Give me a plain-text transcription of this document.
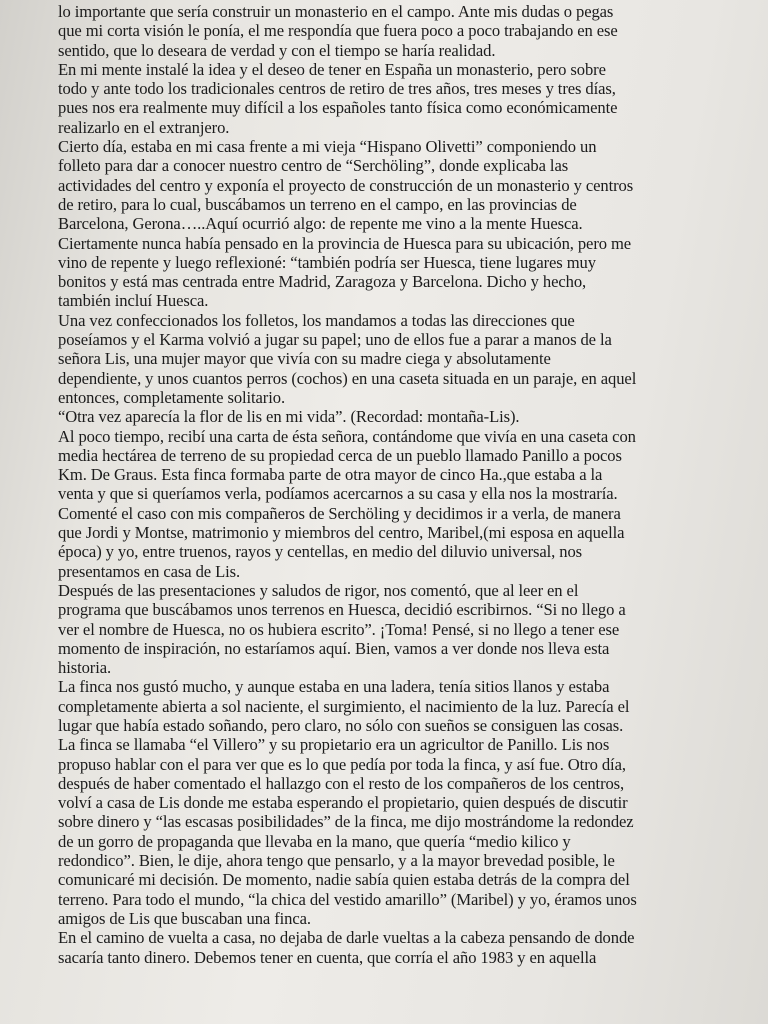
lo importante que sería construir un monasterio en el campo. Ante mis dudas o pegas
que mi corta visión le ponía, el me respondía que fuera poco a poco trabajando en ese
sentido, que lo deseara de verdad y con el tiempo se haría realidad.
En mi mente instalé la idea y el deseo de tener en España un monasterio, pero sobre
todo y ante todo los tradicionales centros de retiro de tres años, tres meses y tres días,
pues nos era realmente muy difícil a los españoles tanto física como económicamente
realizarlo en el extranjero.
Cierto día, estaba en mi casa frente a mi vieja “Hispano Olivetti” componiendo un
folleto para dar a conocer nuestro centro de “Serchöling”, donde explicaba las
actividades del centro y exponía el proyecto de construcción de un monasterio y centros
de retiro, para lo cual, buscábamos un terreno en el campo, en las provincias de
Barcelona, Gerona…..Aquí ocurrió algo: de repente me vino a la mente Huesca.
Ciertamente nunca había pensado en la provincia de Huesca para su ubicación, pero me
vino de repente y luego reflexioné: “también podría ser Huesca, tiene lugares muy
bonitos y está mas centrada entre Madrid, Zaragoza y Barcelona. Dicho y hecho,
también incluí Huesca.
Una vez confeccionados los folletos, los mandamos a todas las direcciones que
poseíamos y el Karma volvió a jugar su papel; uno de ellos fue a parar a manos de la
señora Lis, una mujer mayor que vivía con su madre ciega y absolutamente
dependiente, y unos cuantos perros (cochos) en una caseta situada en un paraje, en aquel
entonces, completamente solitario.
“Otra vez aparecía la flor de lis en mi vida”. (Recordad: montaña-Lis).
Al poco tiempo, recibí una carta de ésta señora, contándome que vivía en una caseta con
media hectárea de terreno de su propiedad cerca de un pueblo llamado Panillo a pocos
Km. De Graus. Esta finca formaba parte de otra mayor de cinco Ha.,que estaba a la
venta y que si queríamos verla, podíamos acercarnos a su casa y ella nos la mostraría.
Comenté el caso con mis compañeros de Serchöling y decidimos ir a verla, de manera
que Jordi y Montse, matrimonio y miembros del centro, Maribel,(mi esposa en aquella
época) y yo, entre truenos, rayos y centellas, en medio del diluvio universal, nos
presentamos en casa de Lis.
Después de las presentaciones y saludos de rigor, nos comentó, que al leer en el
programa que buscábamos unos terrenos en Huesca, decidió escribirnos. “Si no llego a
ver el nombre de Huesca, no os hubiera escrito”. ¡Toma! Pensé, si no llego a tener ese
momento de inspiración, no estaríamos aquí. Bien, vamos a ver donde nos lleva esta
historia.
La finca nos gustó mucho, y aunque estaba en una ladera, tenía sitios llanos y estaba
completamente abierta a sol naciente, el surgimiento, el nacimiento de la luz. Parecía el
lugar que había estado soñando, pero claro, no sólo con sueños se consiguen las cosas.
La finca se llamaba “el Villero” y su propietario era un agricultor de Panillo. Lis nos
propuso hablar con el para ver que es lo que pedía por toda la finca, y así fue. Otro día,
después de haber comentado el hallazgo con el resto de los compañeros de los centros,
volví a casa de Lis donde me estaba esperando el propietario, quien después de discutir
sobre dinero y “las escasas posibilidades” de la finca, me dijo mostrándome la redondez
de un gorro de propaganda que llevaba en la mano, que quería “medio kilico y
redondico”. Bien, le dije, ahora tengo que pensarlo, y a la mayor brevedad posible, le
comunicaré mi decisión. De momento, nadie sabía quien estaba detrás de la compra del
terreno. Para todo el mundo, “la chica del vestido amarillo” (Maribel) y yo, éramos unos
amigos de Lis que buscaban una finca.
En el camino de vuelta a casa, no dejaba de darle vueltas a la cabeza pensando de donde
sacaría tanto dinero. Debemos tener en cuenta, que corría el año 1983 y en aquella
